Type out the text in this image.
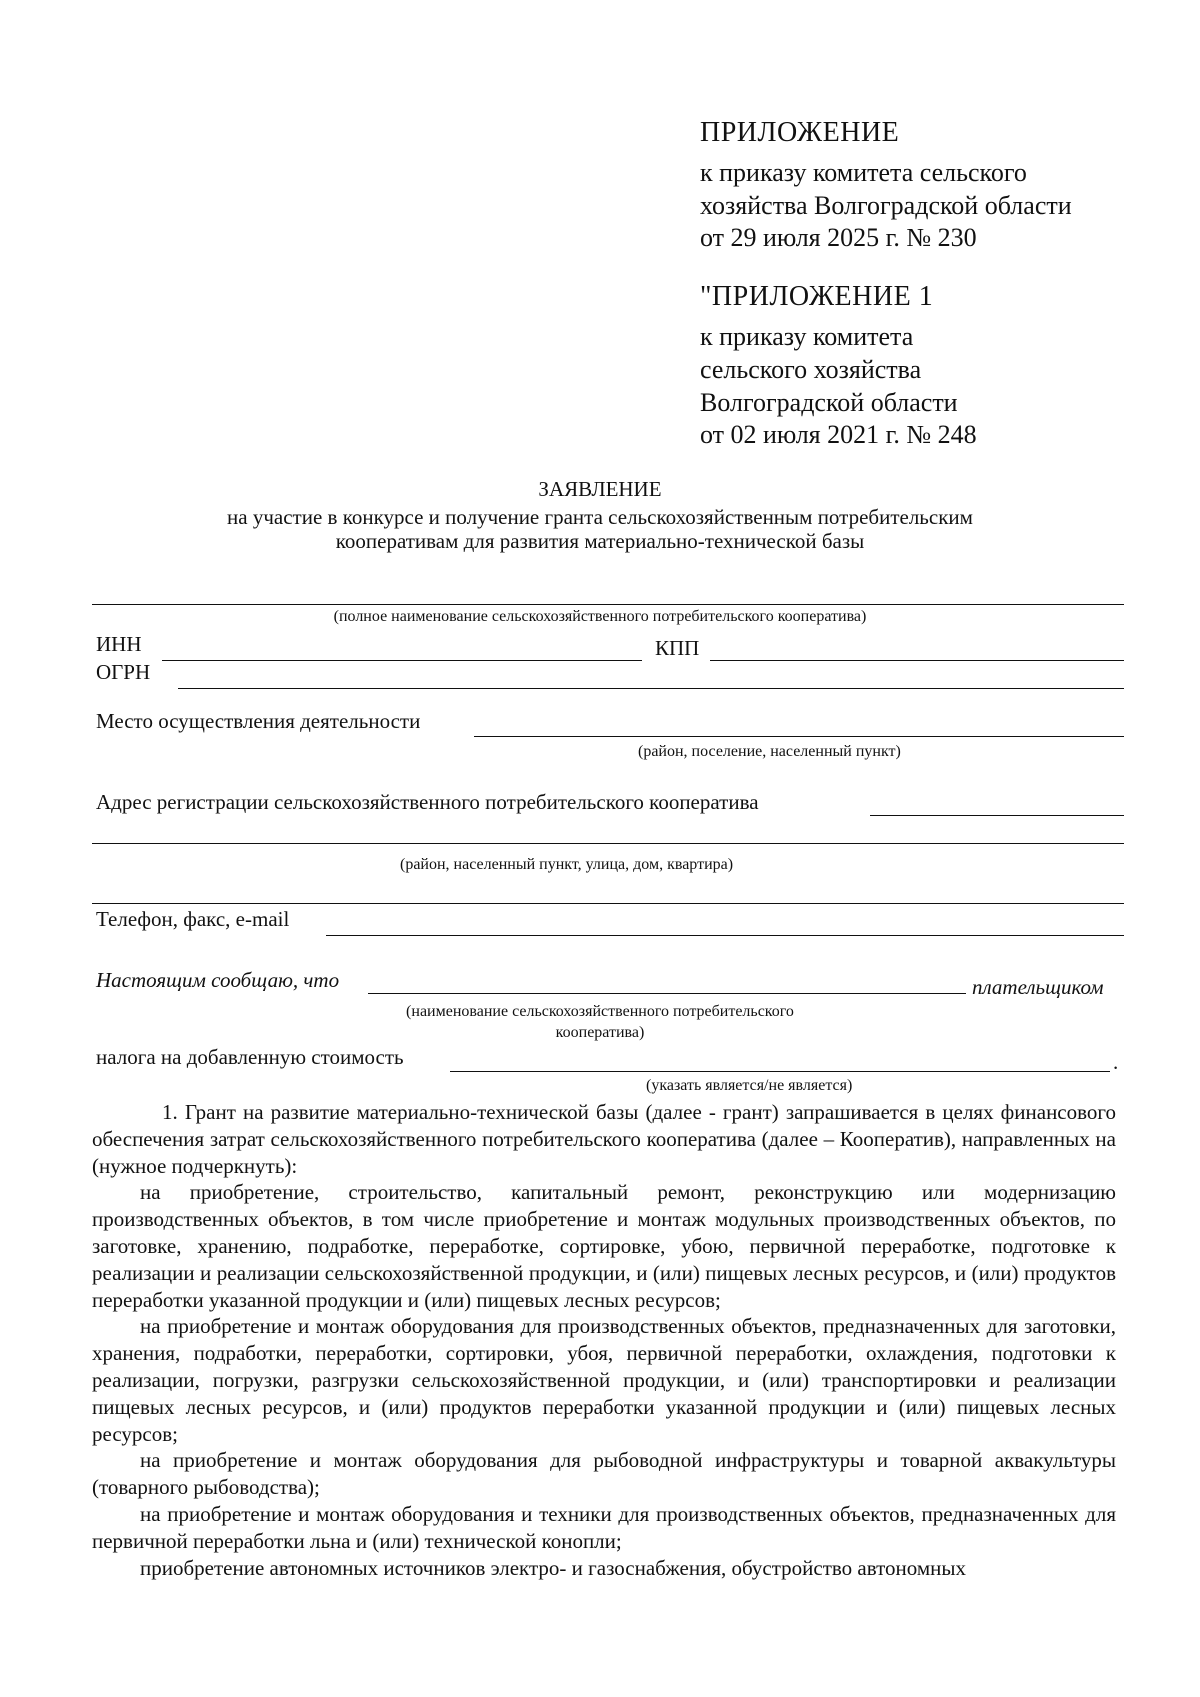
ПРИЛОЖЕНИЕ
к приказу комитета сельского
хозяйства Волгоградской области
от 29 июля 2025 г. № 230
"ПРИЛОЖЕНИЕ 1
к приказу комитета
сельского хозяйства
Волгоградской области
от 02 июля 2021 г. № 248
ЗАЯВЛЕНИЕ
на участие в конкурсе и получение гранта сельскохозяйственным потребительским
кооперативам для развития материально-технической базы
(полное наименование сельскохозяйственного потребительского кооператива)
ИНН	КПП
ОГРН
Место осуществления деятельности
(район, поселение, населенный пункт)
Адрес регистрации сельскохозяйственного потребительского кооператива
(район, населенный пункт, улица, дом, квартира)
Телефон, факс, e-mail
Настоящим сообщаю, что	плательщиком
(наименование сельскохозяйственного потребительского
кооператива)
налога на добавленную стоимость	.
(указать является/не является)

1. Грант на развитие материально-технической базы (далее - грант) запрашивается в целях финансового обеспечения затрат сельскохозяйственного потребительского кооператива (далее – Кооператив), направленных на (нужное подчеркнуть):

на приобретение, строительство, капитальный ремонт, реконструкцию или модернизацию производственных объектов, в том числе приобретение и монтаж модульных производственных объектов, по заготовке, хранению, подработке, переработке, сортировке, убою, первичной переработке, подготовке к реализации и реализации сельскохозяйственной продукции, и (или) пищевых лесных ресурсов, и (или) продуктов переработки указанной продукции и (или) пищевых лесных ресурсов;

на приобретение и монтаж оборудования для производственных объектов, предназначенных для заготовки, хранения, подработки, переработки, сортировки, убоя, первичной переработки, охлаждения, подготовки к реализации, погрузки, разгрузки сельскохозяйственной продукции, и (или) транспортировки и реализации пищевых лесных ресурсов, и (или) продуктов переработки указанной продукции и (или) пищевых лесных ресурсов;

на приобретение и монтаж оборудования для рыбоводной инфраструктуры и товарной аквакультуры (товарного рыбоводства);

на приобретение и монтаж оборудования и техники для производственных объектов, предназначенных для первичной переработки льна и (или) технической конопли;

приобретение автономных источников электро- и газоснабжения, обустройство автономных
